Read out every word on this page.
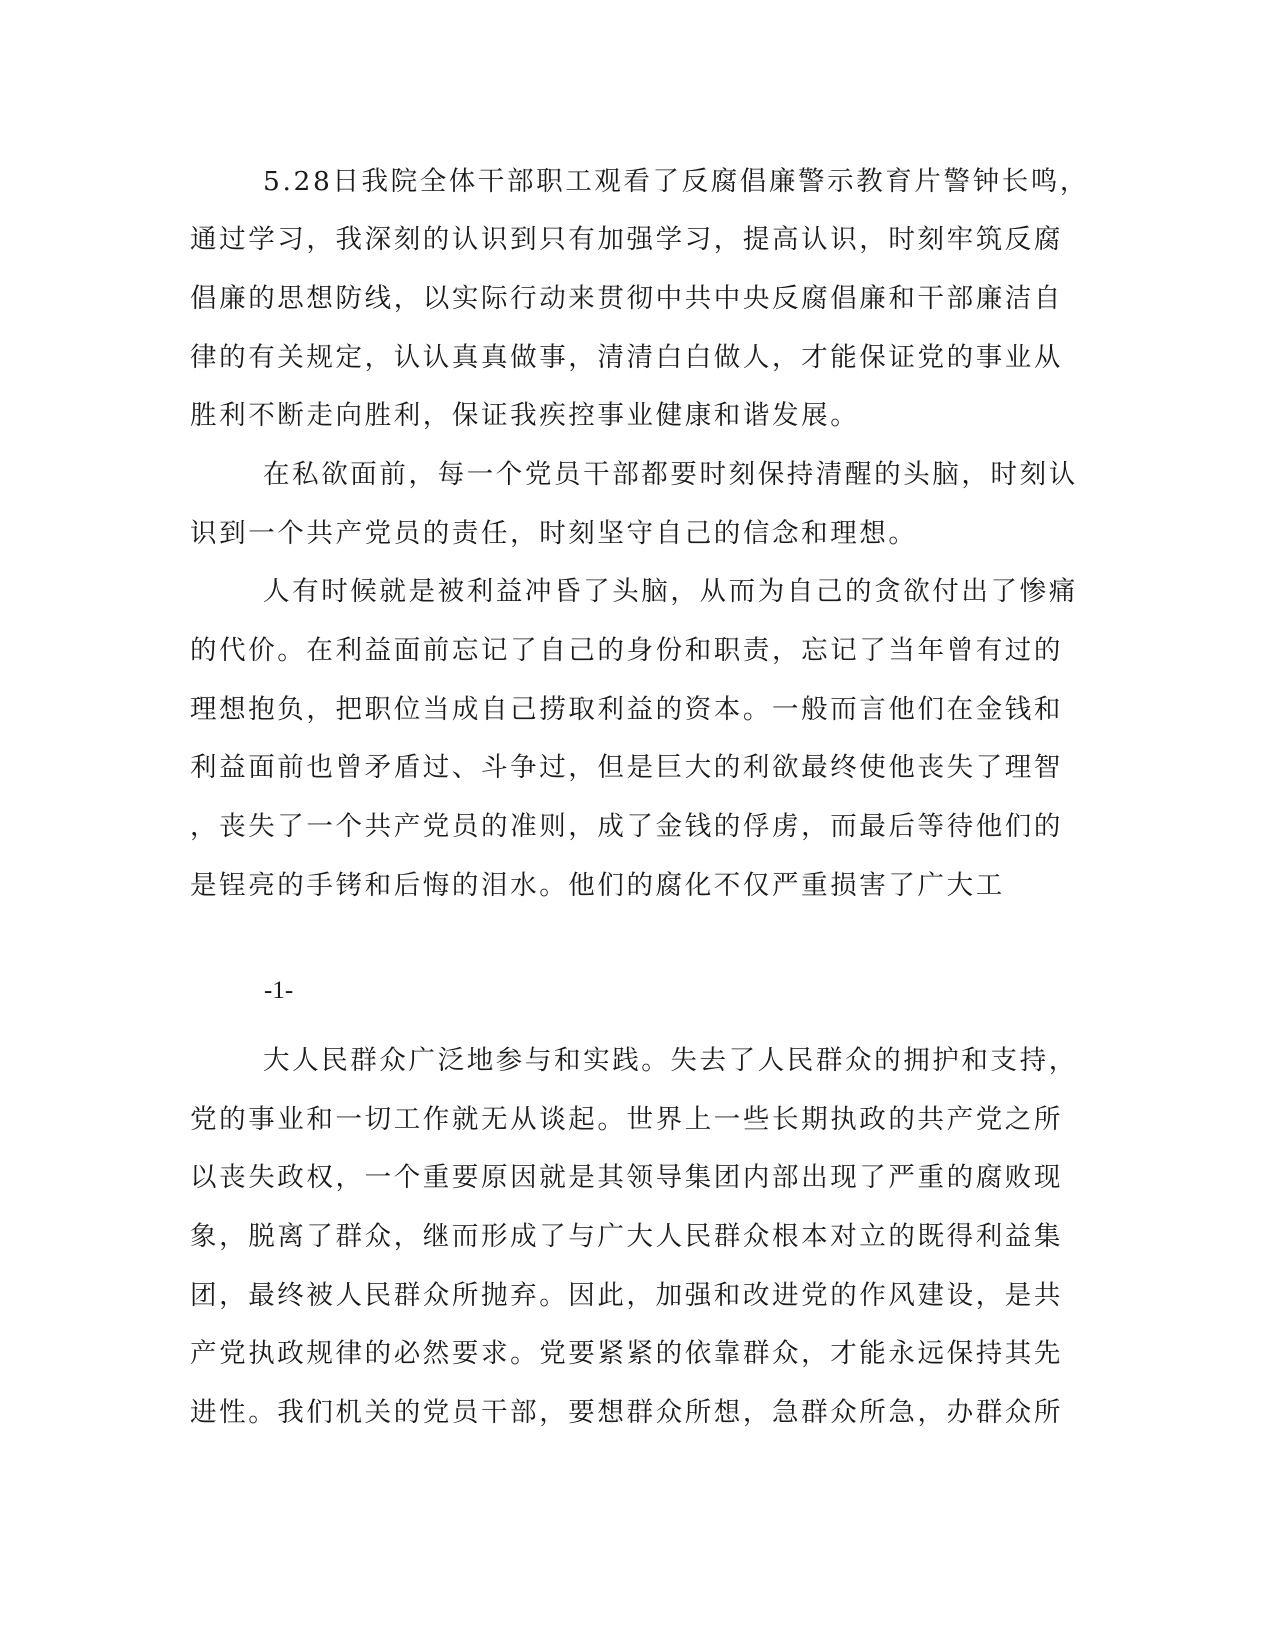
5.28日我院全体干部职工观看了反腐倡廉警示教育片警钟长鸣，

通过学习，我深刻的认识到只有加强学习，提高认识，时刻牢筑反腐

倡廉的思想防线，以实际行动来贯彻中共中央反腐倡廉和干部廉洁自

律的有关规定，认认真真做事，清清白白做人，才能保证党的事业从

胜利不断走向胜利，保证我疾控事业健康和谐发展。

在私欲面前，每一个党员干部都要时刻保持清醒的头脑，时刻认

识到一个共产党员的责任，时刻坚守自己的信念和理想。

人有时候就是被利益冲昏了头脑，从而为自己的贪欲付出了惨痛

的代价。在利益面前忘记了自己的身份和职责，忘记了当年曾有过的

理想抱负，把职位当成自己捞取利益的资本。一般而言他们在金钱和

利益面前也曾矛盾过、斗争过，但是巨大的利欲最终使他丧失了理智

，丧失了一个共产党员的准则，成了金钱的俘虏，而最后等待他们的

是锃亮的手铐和后悔的泪水。他们的腐化不仅严重损害了广大工

-1-

大人民群众广泛地参与和实践。失去了人民群众的拥护和支持，

党的事业和一切工作就无从谈起。世界上一些长期执政的共产党之所

以丧失政权，一个重要原因就是其领导集团内部出现了严重的腐败现

象，脱离了群众，继而形成了与广大人民群众根本对立的既得利益集

团，最终被人民群众所抛弃。因此，加强和改进党的作风建设，是共

产党执政规律的必然要求。党要紧紧的依靠群众，才能永远保持其先

进性。我们机关的党员干部，要想群众所想，急群众所急，办群众所
